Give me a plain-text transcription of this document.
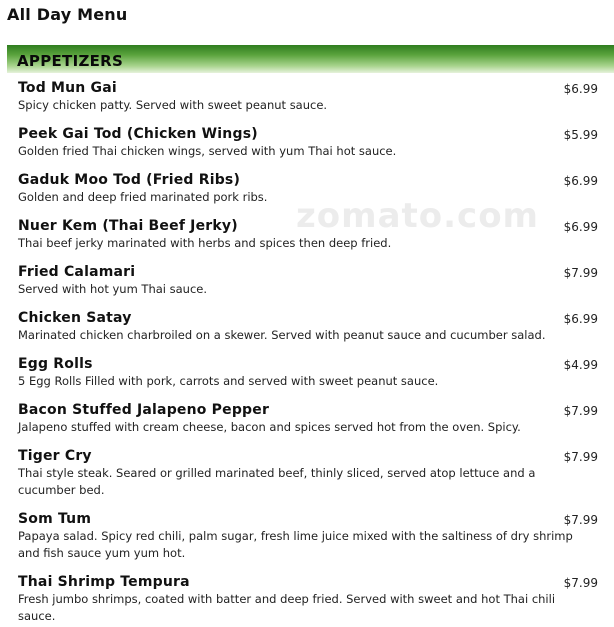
All Day Menu
APPETIZERS
zomato.com
Tod Mun Gai	$6.99
Spicy chicken patty. Served with sweet peanut sauce.
Peek Gai Tod (Chicken Wings)	$5.99
Golden fried Thai chicken wings, served with yum Thai hot sauce.
Gaduk Moo Tod (Fried Ribs)	$6.99
Golden and deep fried marinated pork ribs.
Nuer Kem (Thai Beef Jerky)	$6.99
Thai beef jerky marinated with herbs and spices then deep fried.
Fried Calamari	$7.99
Served with hot yum Thai sauce.
Chicken Satay	$6.99
Marinated chicken charbroiled on a skewer. Served with peanut sauce and cucumber salad.
Egg Rolls	$4.99
5 Egg Rolls Filled with pork, carrots and served with sweet peanut sauce.
Bacon Stuffed Jalapeno Pepper	$7.99
Jalapeno stuffed with cream cheese, bacon and spices served hot from the oven. Spicy.
Tiger Cry	$7.99
Thai style steak. Seared or grilled marinated beef, thinly sliced, served atop lettuce and a cucumber bed.
Som Tum	$7.99
Papaya salad. Spicy red chili, palm sugar, fresh lime juice mixed with the saltiness of dry shrimp and fish sauce yum yum hot.
Thai Shrimp Tempura	$7.99
Fresh jumbo shrimps, coated with batter and deep fried. Served with sweet and hot Thai chili sauce.
